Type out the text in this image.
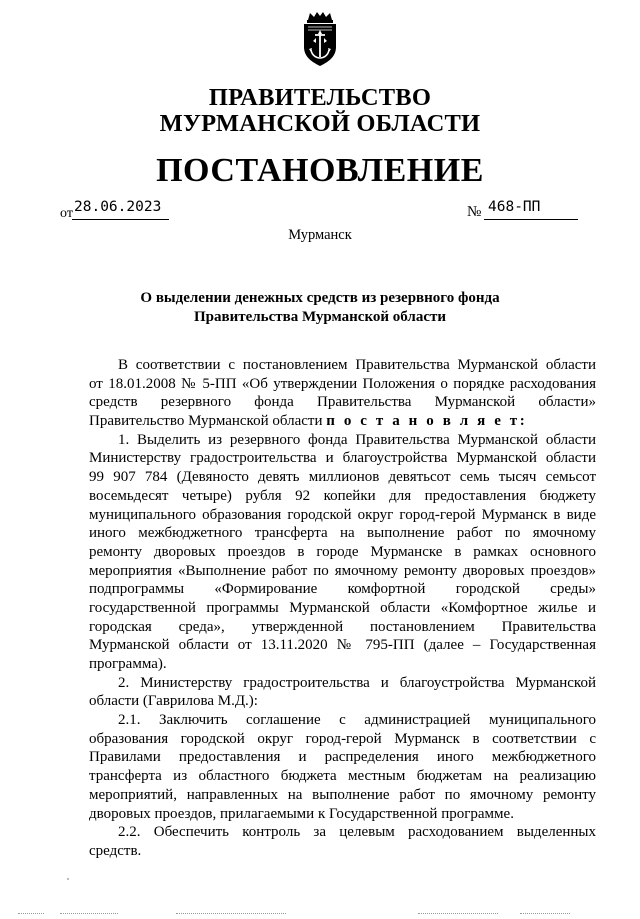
ПРАВИТЕЛЬСТВО
МУРМАНСКОЙ ОБЛАСТИ
ПОСТАНОВЛЕНИЕ
от 28.06.2023	№ 468-ПП
Мурманск
О выделении денежных средств из резервного фонда
Правительства Мурманской области
В соответствии с постановлением Правительства Мурманской области
от 18.01.2008 № 5-ПП «Об утверждении Положения о порядке расходования
средств резервного фонда Правительства Мурманской области»
Правительство Мурманской области п о с т а н о в л я е т:
1. Выделить из резервного фонда Правительства Мурманской области
Министерству градостроительства и благоустройства Мурманской области
99 907 784 (Девяносто девять миллионов девятьсот семь тысяч семьсот
восемьдесят четыре) рубля 92 копейки для предоставления бюджету
муниципального образования городской округ город-герой Мурманск в виде
иного межбюджетного трансферта на выполнение работ по ямочному
ремонту дворовых проездов в городе Мурманске в рамках основного
мероприятия «Выполнение работ по ямочному ремонту дворовых проездов»
подпрограммы «Формирование комфортной городской среды»
государственной программы Мурманской области «Комфортное жилье и
городская среда», утвержденной постановлением Правительства
Мурманской области от 13.11.2020 № 795-ПП (далее – Государственная
программа).
2. Министерству градостроительства и благоустройства Мурманской
области (Гаврилова М.Д.):
2.1. Заключить соглашение с администрацией муниципального
образования городской округ город-герой Мурманск в соответствии с
Правилами предоставления и распределения иного межбюджетного
трансферта из областного бюджета местным бюджетам на реализацию
мероприятий, направленных на выполнение работ по ямочному ремонту
дворовых проездов, прилагаемыми к Государственной программе.
2.2. Обеспечить контроль за целевым расходованием выделенных
средств.
